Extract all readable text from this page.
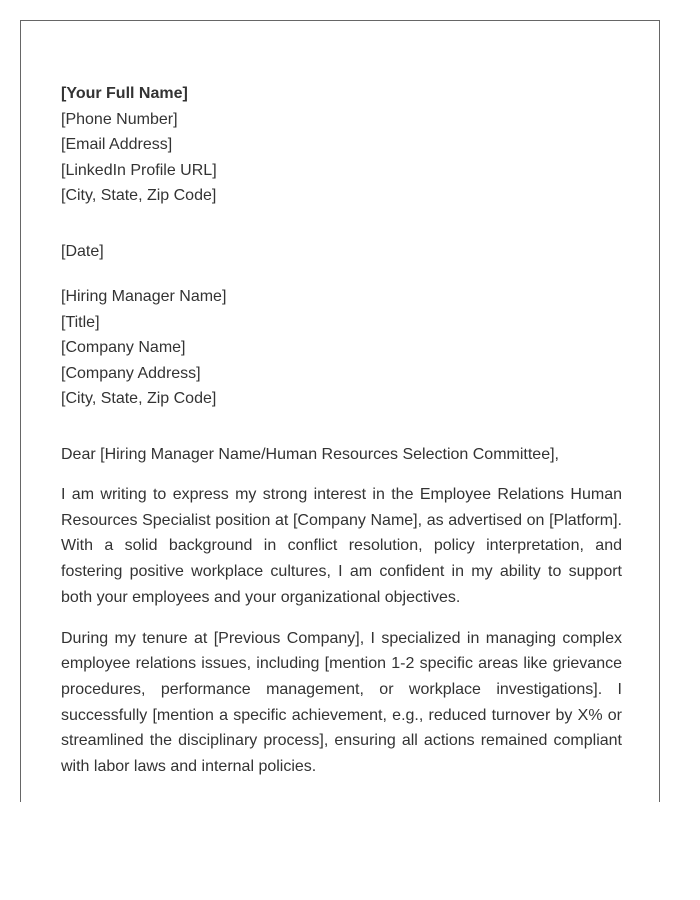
[Your Full Name]
[Phone Number]
[Email Address]
[LinkedIn Profile URL]
[City, State, Zip Code]
[Date]
[Hiring Manager Name]
[Title]
[Company Name]
[Company Address]
[City, State, Zip Code]
Dear [Hiring Manager Name/Human Resources Selection Committee],

I am writing to express my strong interest in the Employee Relations Human Resources Specialist position at [Company Name], as advertised on [Platform]. With a solid background in conflict resolution, policy interpretation, and fostering positive workplace cultures, I am confident in my ability to support both your employees and your organizational objectives.

During my tenure at [Previous Company], I specialized in managing complex employee relations issues, including [mention 1-2 specific areas like grievance procedures, performance management, or workplace investigations]. I successfully [mention a specific achievement, e.g., reduced turnover by X% or streamlined the disciplinary process], ensuring all actions remained compliant with labor laws and internal policies.
